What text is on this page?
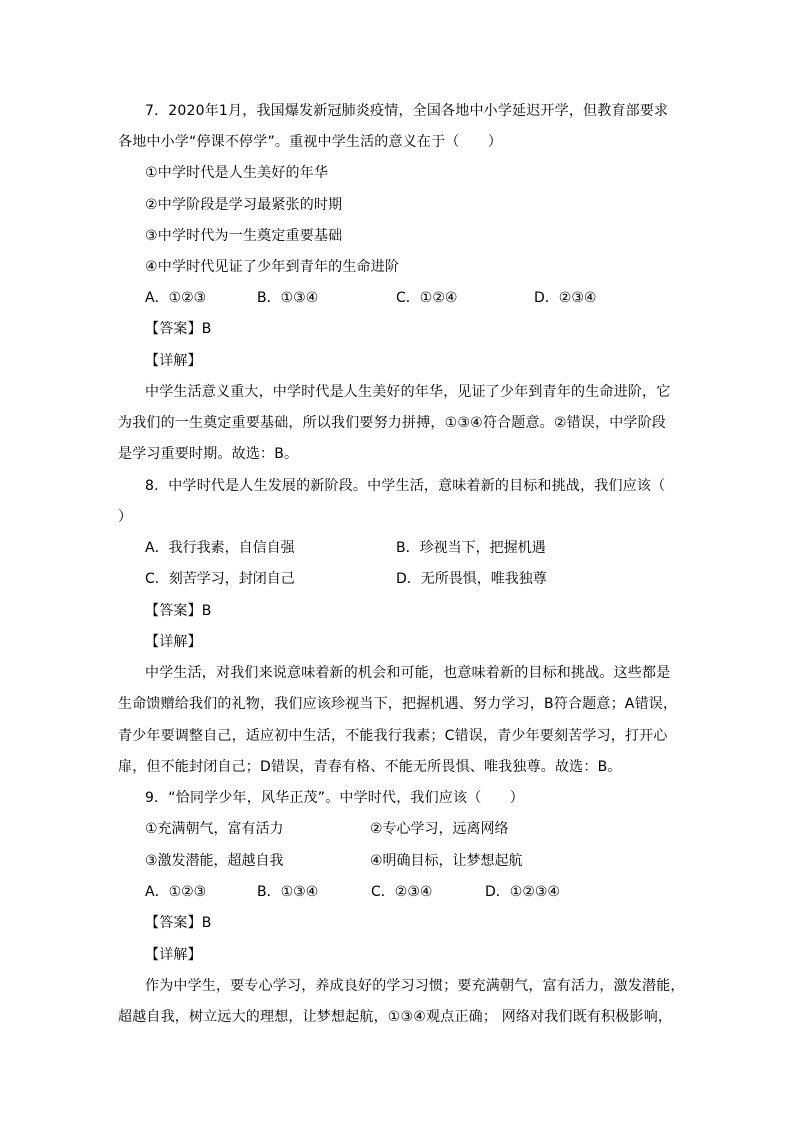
7．2020年1月，我国爆发新冠肺炎疫情，全国各地中小学延迟开学，但教育部要求
各地中小学“停课不停学”。重视中学生活的意义在于（　　）
①中学时代是人生美好的年华
②中学阶段是学习最紧张的时期
③中学时代为一生奠定重要基础
④中学时代见证了少年到青年的生命进阶
A．①②③	B．①③④	C．①②④	D．②③④
【答案】B
【详解】
中学生活意义重大，中学时代是人生美好的年华，见证了少年到青年的生命进阶，它
为我们的一生奠定重要基础，所以我们要努力拼搏，①③④符合题意。②错误，中学阶段
是学习重要时期。故选：B。
8．中学时代是人生发展的新阶段。中学生活，意味着新的目标和挑战，我们应该（
）
A．我行我素，自信自强	B．珍视当下，把握机遇
C．刻苦学习，封闭自己	D．无所畏惧，唯我独尊
【答案】B
【详解】
中学生活，对我们来说意味着新的机会和可能，也意味着新的目标和挑战。这些都是
生命馈赠给我们的礼物，我们应该珍视当下，把握机遇、努力学习，B符合题意；A错误，
青少年要调整自己，适应初中生活，不能我行我素；C错误，青少年要刻苦学习，打开心
扉，但不能封闭自己；D错误，青春有格、不能无所畏惧、唯我独尊。故选：B。
9．“恰同学少年，风华正茂”。中学时代，我们应该（　　）
①充满朝气，富有活力	②专心学习，远离网络
③激发潜能，超越自我	④明确目标，让梦想起航
A．①②③	B．①③④	C．②③④	D．①②③④
【答案】B
【详解】
作为中学生，要专心学习，养成良好的学习习惯；要充满朝气，富有活力，激发潜能，
超越自我，树立远大的理想，让梦想起航，①③④观点正确； 网络对我们既有积极影响，
